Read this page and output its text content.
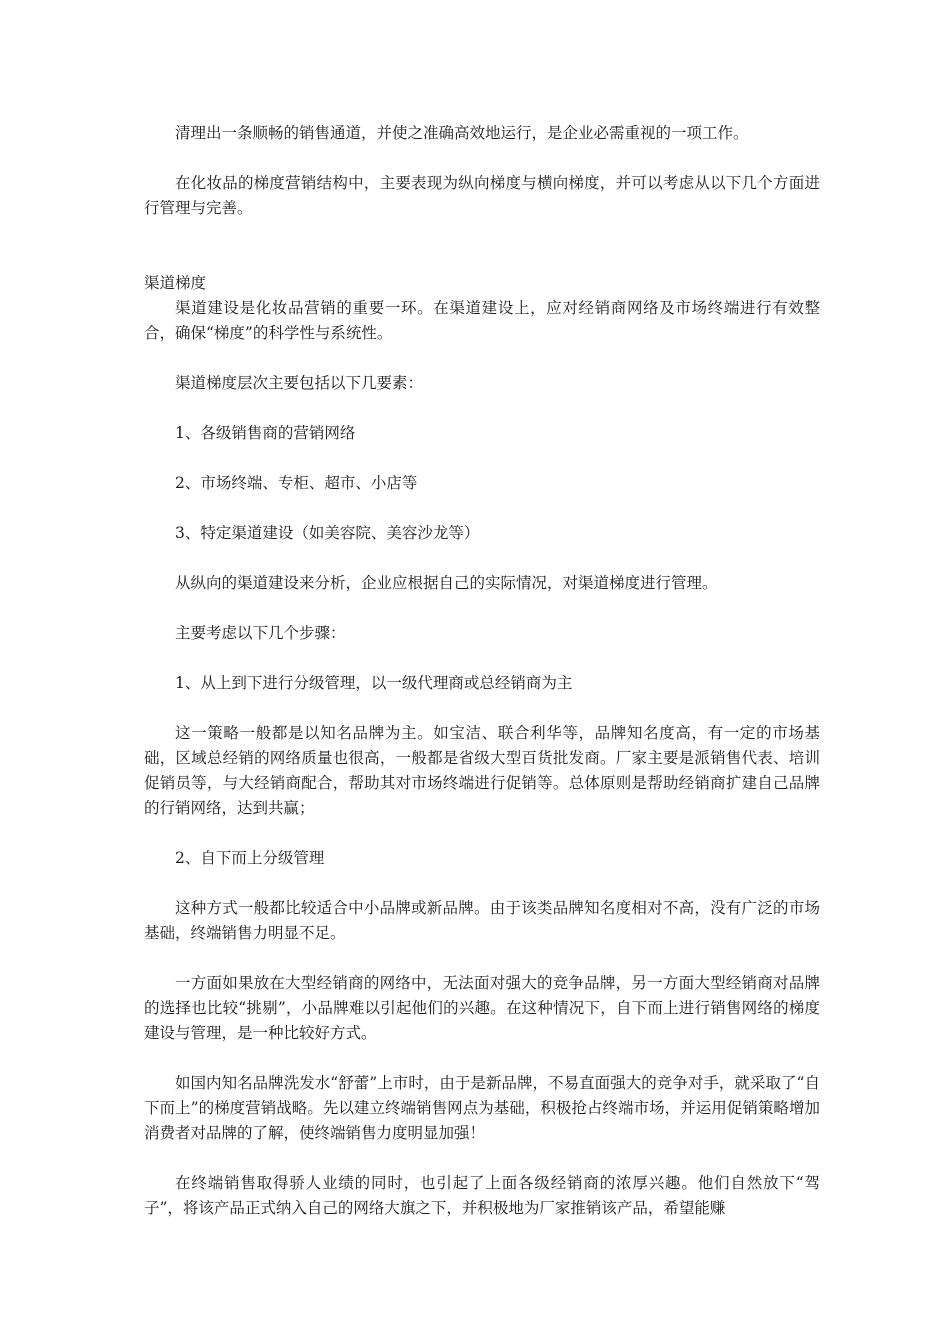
清理出一条顺畅的销售通道，并使之准确高效地运行，是企业必需重视的一项工作。

在化妆品的梯度营销结构中，主要表现为纵向梯度与横向梯度，并可以考虑从以下几个方面进行管理与完善。

渠道梯度

渠道建设是化妆品营销的重要一环。在渠道建设上，应对经销商网络及市场终端进行有效整合，确保“梯度”的科学性与系统性。

渠道梯度层次主要包括以下几要素：

1、各级销售商的营销网络

2、市场终端、专柜、超市、小店等

3、特定渠道建设（如美容院、美容沙龙等）

从纵向的渠道建设来分析，企业应根据自己的实际情况，对渠道梯度进行管理。

主要考虑以下几个步骤：

1、从上到下进行分级管理，以一级代理商或总经销商为主

这一策略一般都是以知名品牌为主。如宝洁、联合利华等，品牌知名度高，有一定的市场基础，区域总经销的网络质量也很高，一般都是省级大型百货批发商。厂家主要是派销售代表、培训促销员等，与大经销商配合，帮助其对市场终端进行促销等。总体原则是帮助经销商扩建自己品牌的行销网络，达到共赢；

2、自下而上分级管理

这种方式一般都比较适合中小品牌或新品牌。由于该类品牌知名度相对不高，没有广泛的市场基础，终端销售力明显不足。

一方面如果放在大型经销商的网络中，无法面对强大的竞争品牌，另一方面大型经销商对品牌的选择也比较“挑剔”，小品牌难以引起他们的兴趣。在这种情况下，自下而上进行销售网络的梯度建设与管理，是一种比较好方式。

如国内知名品牌洗发水“舒蕾”上市时，由于是新品牌，不易直面强大的竞争对手，就采取了“自下而上”的梯度营销战略。先以建立终端销售网点为基础，积极抢占终端市场，并运用促销策略增加消费者对品牌的了解，使终端销售力度明显加强！

在终端销售取得骄人业绩的同时，也引起了上面各级经销商的浓厚兴趣。他们自然放下“驾子”，将该产品正式纳入自己的网络大旗之下，并积极地为厂家推销该产品，希望能赚
